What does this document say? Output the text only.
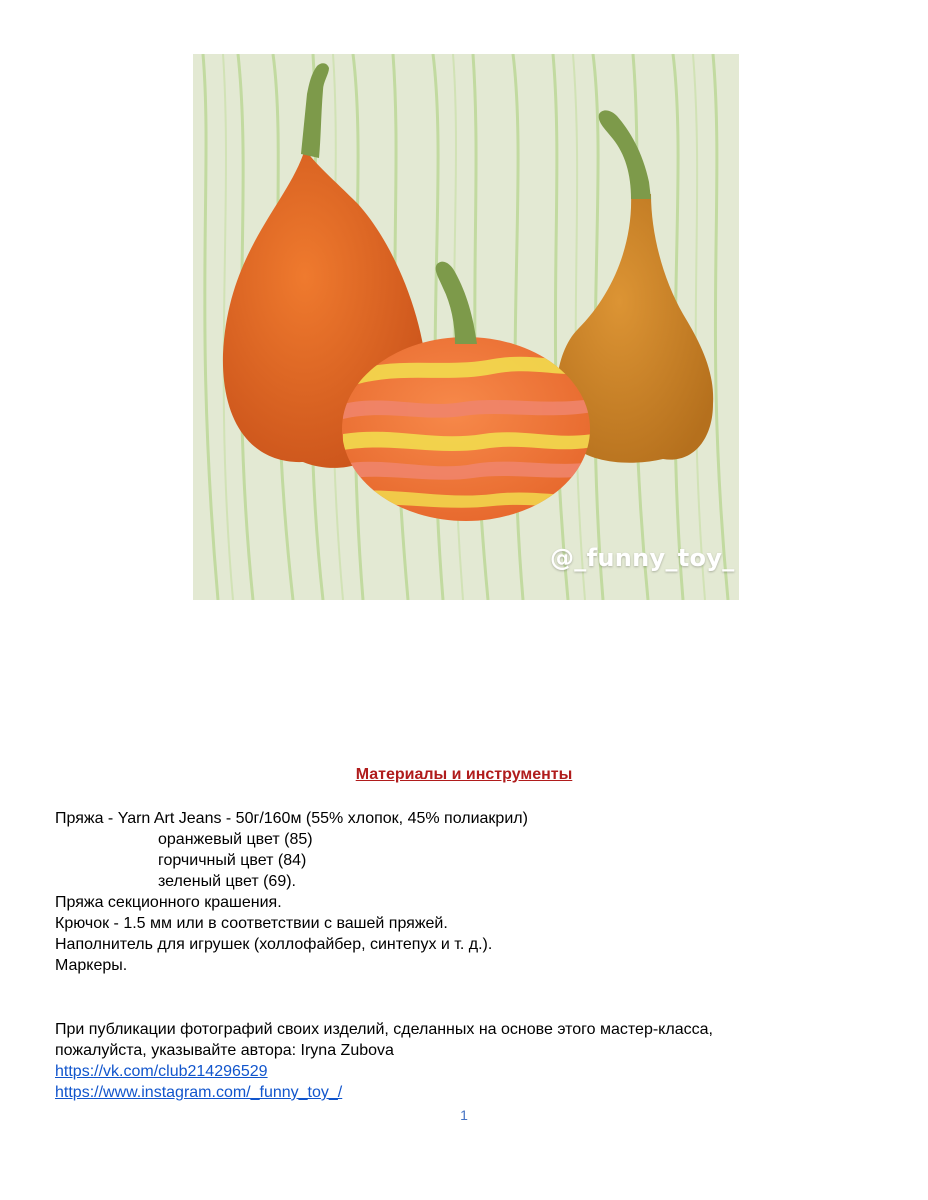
@_funny_toy_
Материалы и инструменты
Пряжа - Yarn Art Jeans - 50г/160м (55% хлопок, 45% полиакрил)
оранжевый цвет (85)
горчичный цвет (84)
зеленый цвет (69).
Пряжа секционного крашения.
Крючок - 1.5 мм или в соответствии с вашей пряжей.
Наполнитель для игрушек (холлофайбер, синтепух и т. д.).
Маркеры.
При публикации фотографий своих изделий, сделанных на основе этого мастер-класса,
пожалуйста, указывайте автора: Iryna Zubova
https://vk.com/club214296529
https://www.instagram.com/_funny_toy_/
1
